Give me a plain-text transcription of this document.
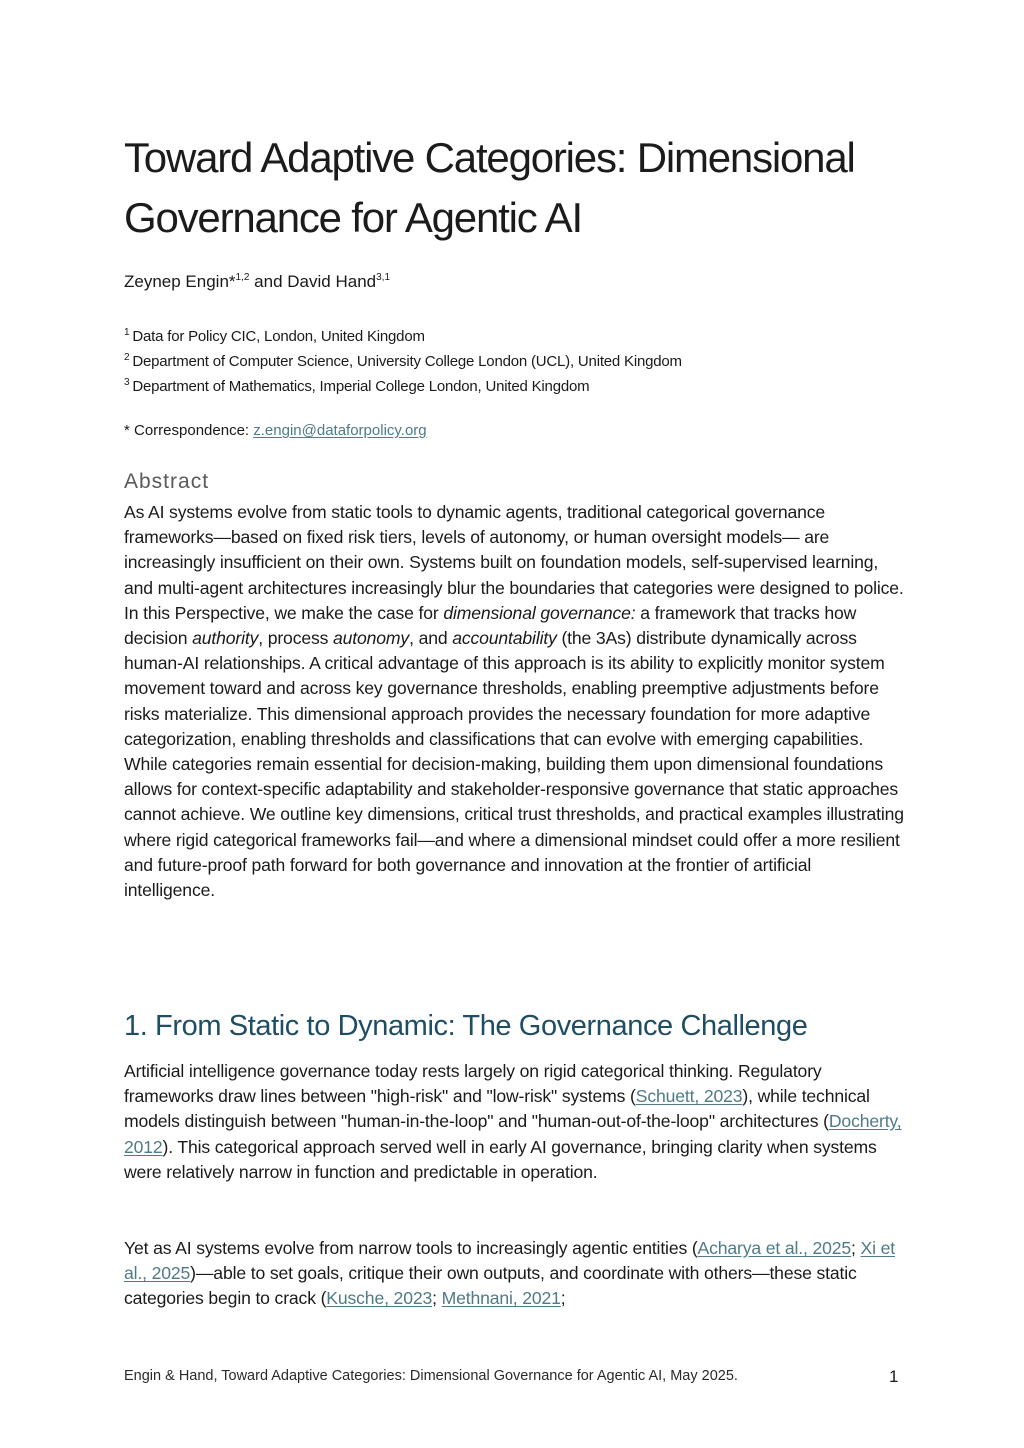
Toward Adaptive Categories: Dimensional Governance for Agentic AI
Zeynep Engin*$^{1,2}$ and David Hand$^{3,1}$
$^1$ Data for Policy CIC, London, United Kingdom
$^2$ Department of Computer Science, University College London (UCL), United Kingdom
$^3$ Department of Mathematics, Imperial College London, United Kingdom
* Correspondence: z.engin@dataforpolicy.org
Abstract

As AI systems evolve from static tools to dynamic agents, traditional categorical governance frameworks—based on fixed risk tiers, levels of autonomy, or human oversight models— are increasingly insufficient on their own. Systems built on foundation models, self-supervised learning, and multi-agent architectures increasingly blur the boundaries that categories were designed to police. In this Perspective, we make the case for dimensional governance: a framework that tracks how decision authority, process autonomy, and accountability (the 3As) distribute dynamically across human-AI relationships. A critical advantage of this approach is its ability to explicitly monitor system movement toward and across key governance thresholds, enabling preemptive adjustments before risks materialize. This dimensional approach provides the necessary foundation for more adaptive categorization, enabling thresholds and classifications that can evolve with emerging capabilities. While categories remain essential for decision-making, building them upon dimensional foundations allows for context-specific adaptability and stakeholder-responsive governance that static approaches cannot achieve. We outline key dimensions, critical trust thresholds, and practical examples illustrating where rigid categorical frameworks fail—and where a dimensional mindset could offer a more resilient and future-proof path forward for both governance and innovation at the frontier of artificial intelligence.

1. From Static to Dynamic: The Governance Challenge

Artificial intelligence governance today rests largely on rigid categorical thinking. Regulatory frameworks draw lines between "high-risk" and "low-risk" systems (Schuett, 2023), while technical models distinguish between "human-in-the-loop" and "human-out-of-the-loop" architectures (Docherty, 2012). This categorical approach served well in early AI governance, bringing clarity when systems were relatively narrow in function and predictable in operation.

Yet as AI systems evolve from narrow tools to increasingly agentic entities (Acharya et al., 2025; Xi et al., 2025)—able to set goals, critique their own outputs, and coordinate with others—these static categories begin to crack (Kusche, 2023; Methnani, 2021;

Engin & Hand, Toward Adaptive Categories: Dimensional Governance for Agentic AI, May 2025.	1
